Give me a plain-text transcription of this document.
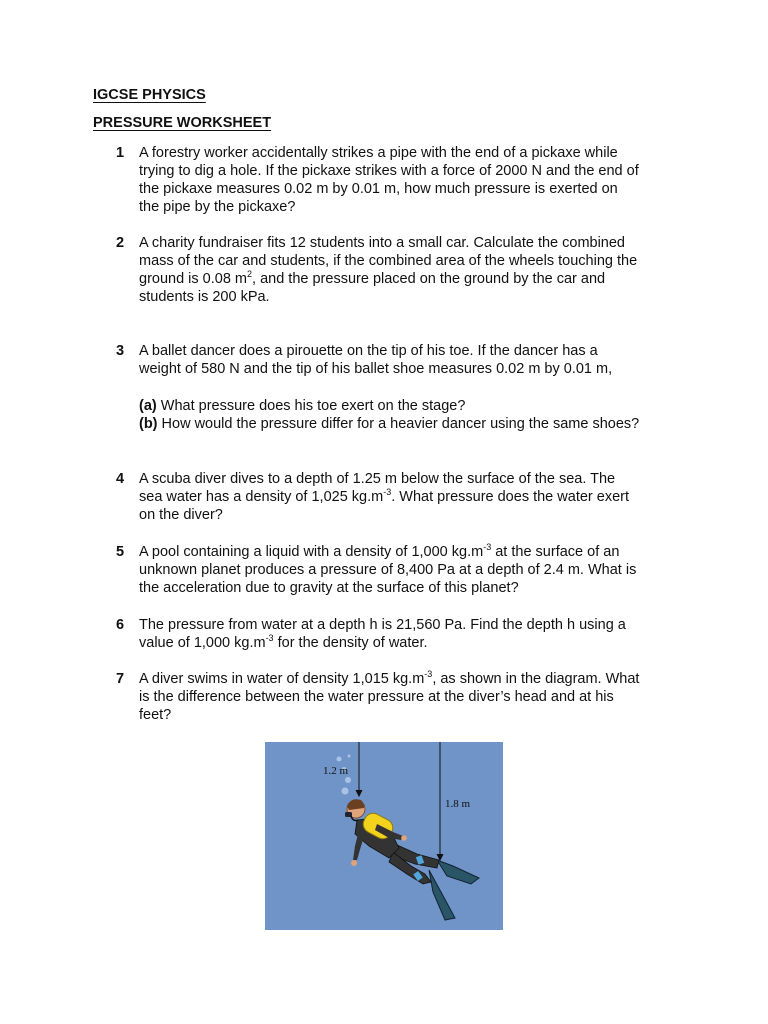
IGCSE PHYSICS
PRESSURE WORKSHEET
1 A forestry worker accidentally strikes a pipe with the end of a pickaxe while
trying to dig a hole. If the pickaxe strikes with a force of 2000 N and the end of
the pickaxe measures 0.02 m by 0.01 m, how much pressure is exerted on
the pipe by the pickaxe?
2 A charity fundraiser fits 12 students into a small car. Calculate the combined
mass of the car and students, if the combined area of the wheels touching the
ground is 0.08 $m^2$, and the pressure placed on the ground by the car and
students is 200 kPa.
3 A ballet dancer does a pirouette on the tip of his toe. If the dancer has a
weight of 580 N and the tip of his ballet shoe measures 0.02 m by 0.01 m,
(a) What pressure does his toe exert on the stage?
(b) How would the pressure differ for a heavier dancer using the same shoes?
4 A scuba diver dives to a depth of 1.25 m below the surface of the sea. The
sea water has a density of 1,025 $kg.m^{-3}$. What pressure does the water exert
on the diver?
5 A pool containing a liquid with a density of 1,000 $kg.m^{-3}$ at the surface of an
unknown planet produces a pressure of 8,400 Pa at a depth of 2.4 m. What is
the acceleration due to gravity at the surface of this planet?
6 The pressure from water at a depth h is 21,560 Pa. Find the depth h using a
value of 1,000 $kg.m^{-3}$ for the density of water.
7 A diver swims in water of density 1,015 $kg.m^{-3}$, as shown in the diagram. What
is the difference between the water pressure at the diver’s head and at his
feet?
1.2 m
1.8 m
